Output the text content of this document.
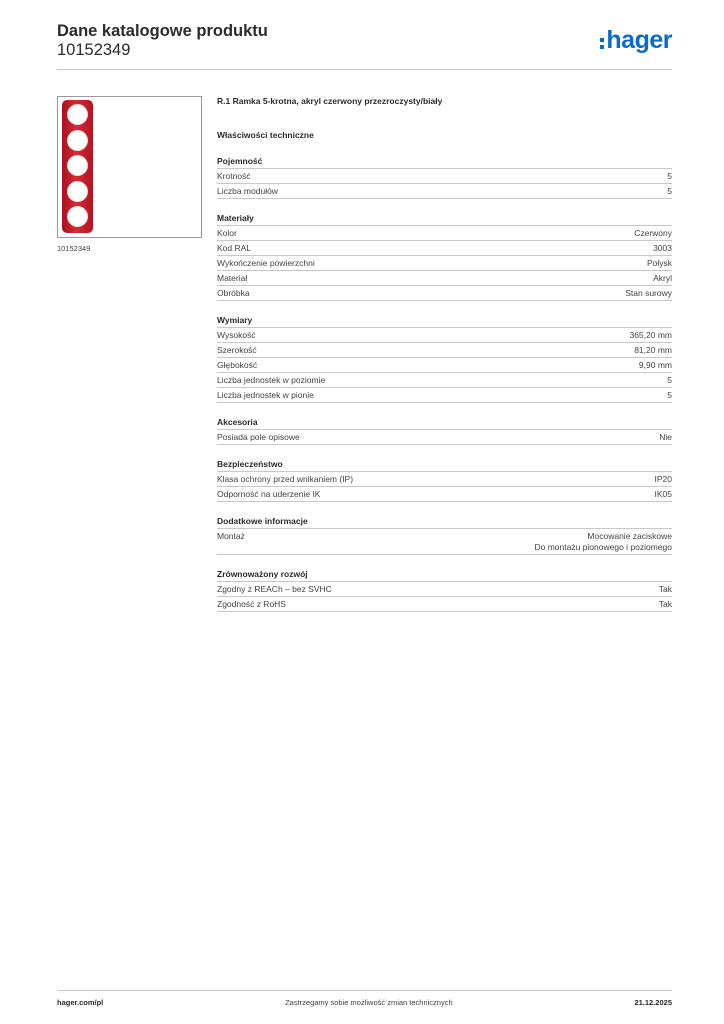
Dane katalogowe produktu
10152349	hager
10152349
R.1 Ramka 5-krotna, akryl czerwony przezroczysty/biały
Właściwości techniczne
Pojemność
Krotność	5
Liczba modułów	5
Materiały
Kolor	Czerwony
Kod RAL	3003
Wykończenie powierzchni	Połysk
Materiał	Akryl
Obróbka	Stan surowy
Wymiary
Wysokość	365,20 mm
Szerokość	81,20 mm
Głębokość	9,90 mm
Liczba jednostek w poziomie	5
Liczba jednostek w pionie	5
Akcesoria
Posiada pole opisowe	Nie
Bezpieczeństwo
Klasa ochrony przed wnikaniem (IP)	IP20
Odporność na uderzenie IK	IK05
Dodatkowe informacje
Montaż	Mocowanie zaciskowe
Do montażu pionowego i poziomego
Zrównoważony rozwój
Zgodny z REACh – bez SVHC	Tak
Zgodność z RoHS	Tak
hager.com/pl	Zastrzegamy sobie możliwość zmian technicznych	21.12.2025
